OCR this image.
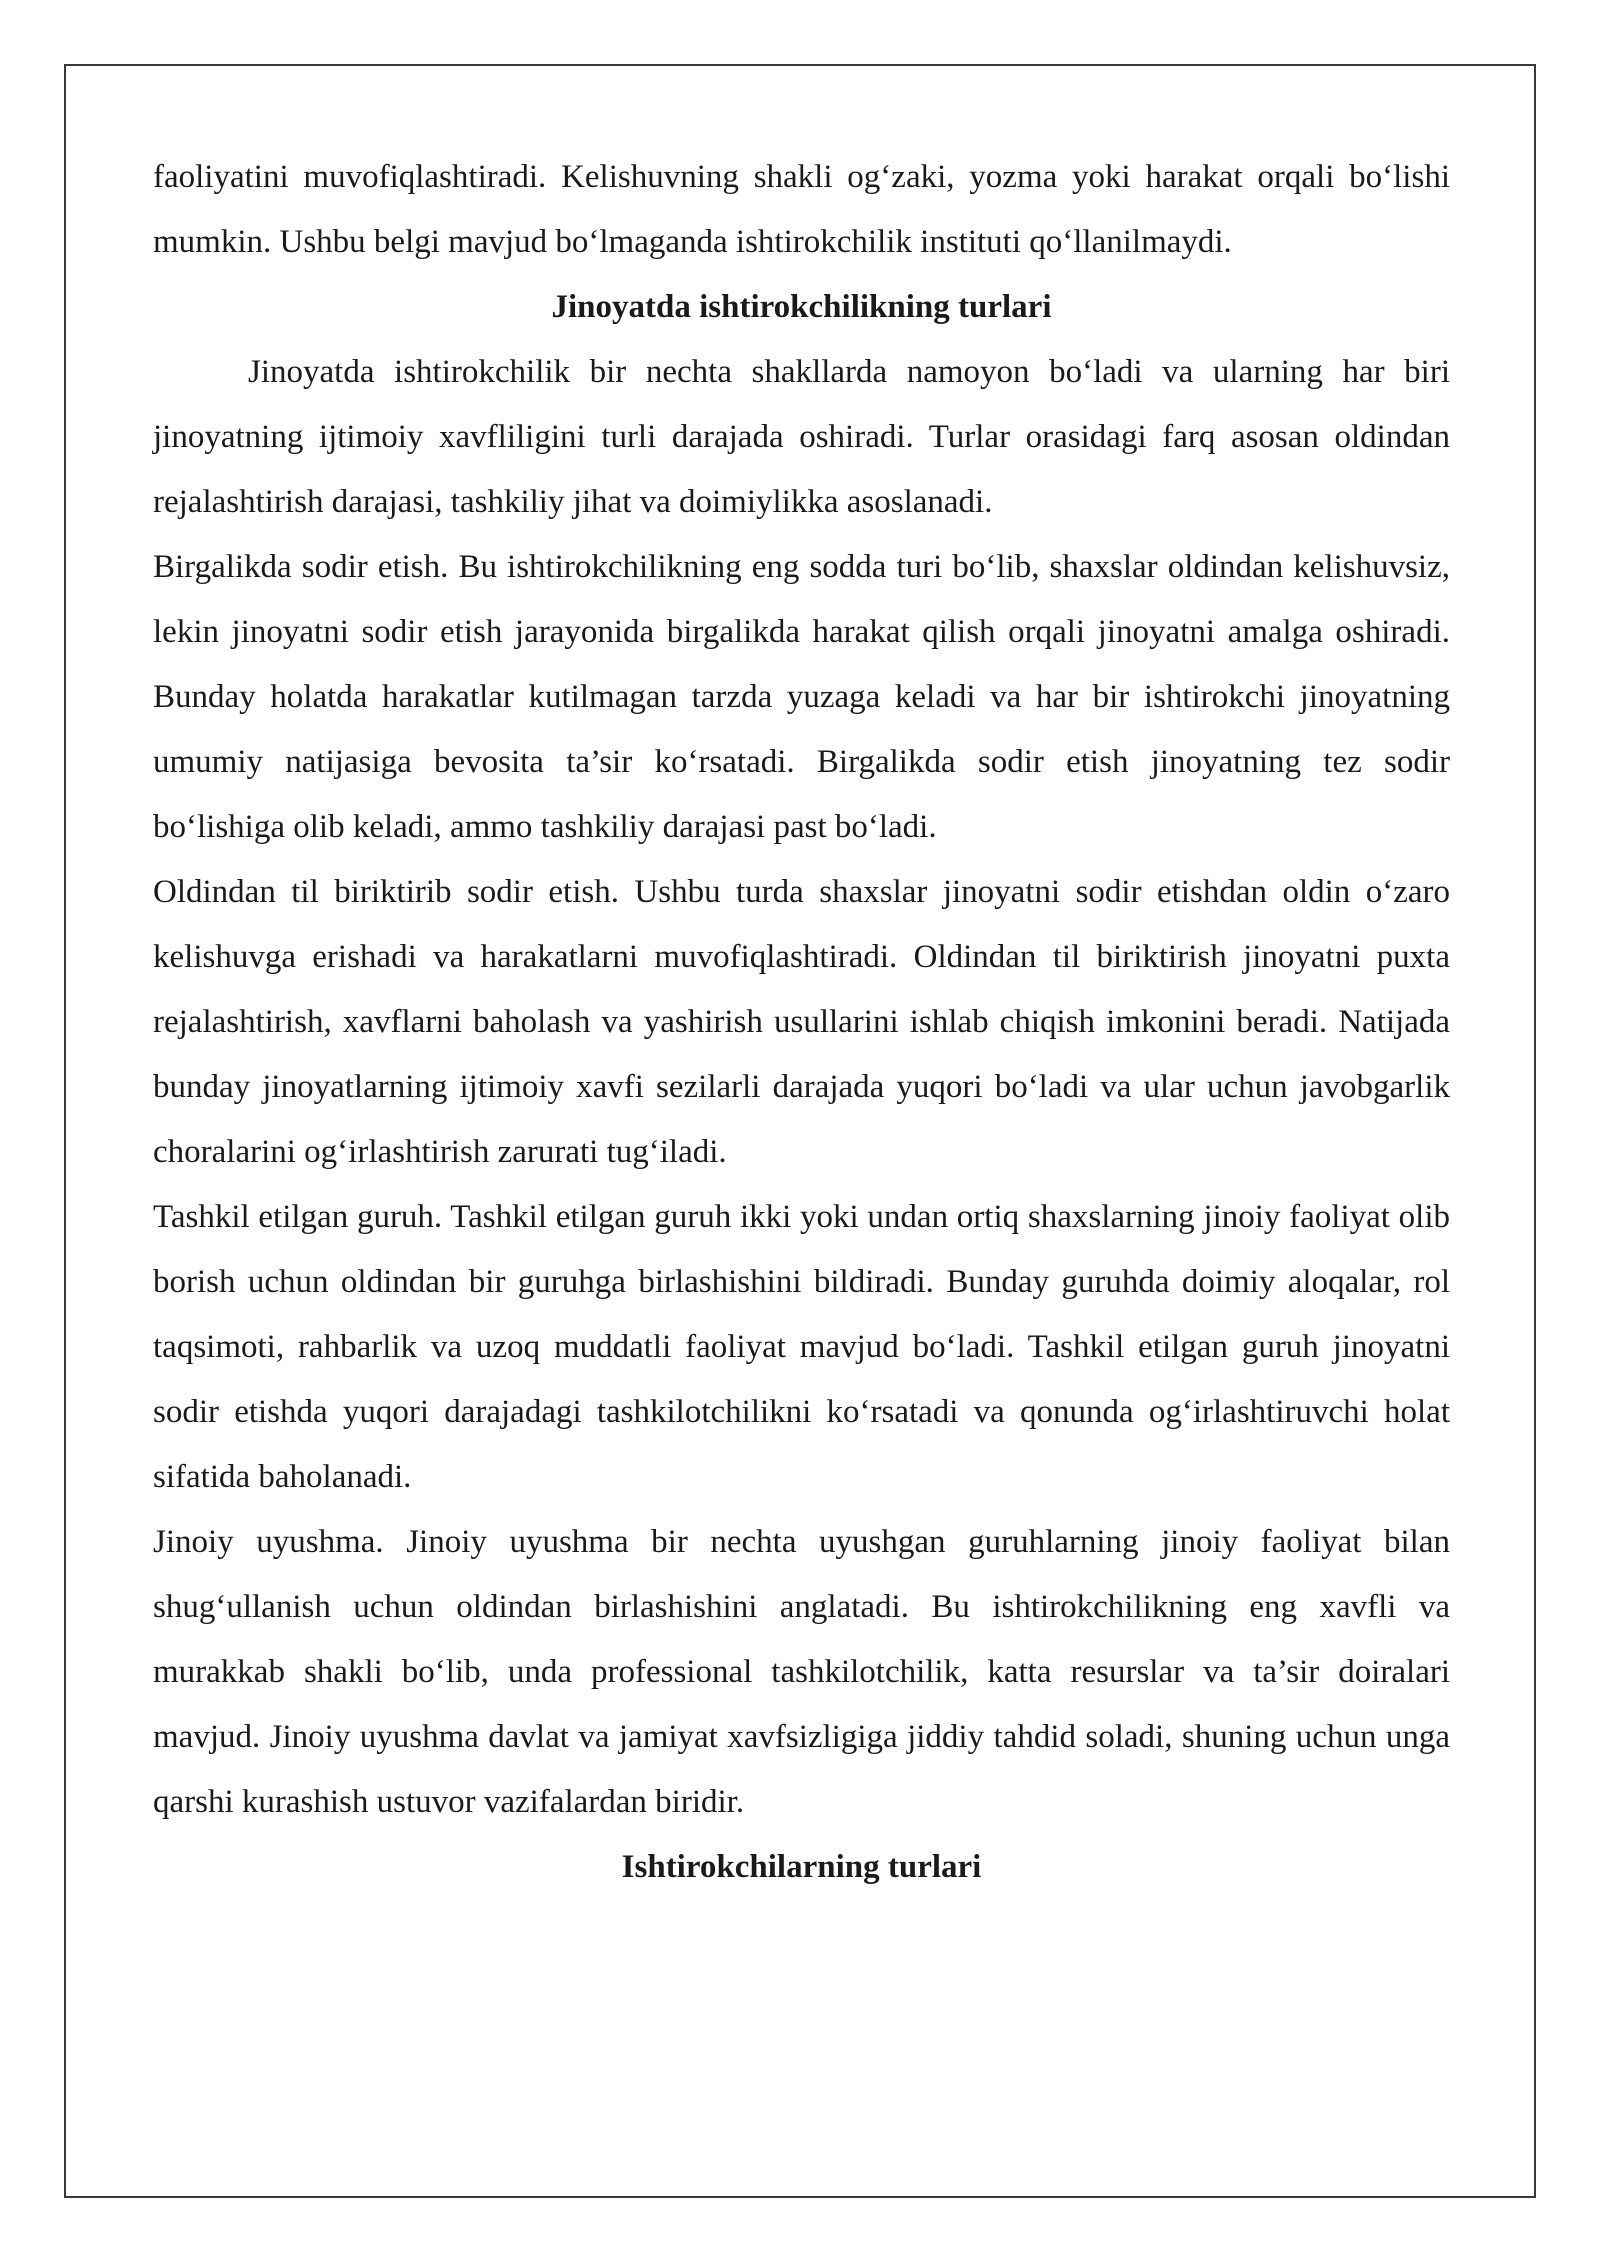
faoliyatini muvofiqlashtiradi. Kelishuvning shakli og‘zaki, yozma yoki harakat orqali bo‘lishi mumkin. Ushbu belgi mavjud bo‘lmaganda ishtirokchilik instituti qo‘llanilmaydi.

Jinoyatda ishtirokchilikning turlari

Jinoyatda ishtirokchilik bir nechta shakllarda namoyon bo‘ladi va ularning har biri jinoyatning ijtimoiy xavfliligini turli darajada oshiradi. Turlar orasidagi farq asosan oldindan rejalashtirish darajasi, tashkiliy jihat va doimiylikka asoslanadi.

Birgalikda sodir etish. Bu ishtirokchilikning eng sodda turi bo‘lib, shaxslar oldindan kelishuvsiz, lekin jinoyatni sodir etish jarayonida birgalikda harakat qilish orqali jinoyatni amalga oshiradi. Bunday holatda harakatlar kutilmagan tarzda yuzaga keladi va har bir ishtirokchi jinoyatning umumiy natijasiga bevosita ta’sir ko‘rsatadi. Birgalikda sodir etish jinoyatning tez sodir bo‘lishiga olib keladi, ammo tashkiliy darajasi past bo‘ladi.

Oldindan til biriktirib sodir etish. Ushbu turda shaxslar jinoyatni sodir etishdan oldin o‘zaro kelishuvga erishadi va harakatlarni muvofiqlashtiradi. Oldindan til biriktirish jinoyatni puxta rejalashtirish, xavflarni baholash va yashirish usullarini ishlab chiqish imkonini beradi. Natijada bunday jinoyatlarning ijtimoiy xavfi sezilarli darajada yuqori bo‘ladi va ular uchun javobgarlik choralarini og‘irlashtirish zarurati tug‘iladi.

Tashkil etilgan guruh. Tashkil etilgan guruh ikki yoki undan ortiq shaxslarning jinoiy faoliyat olib borish uchun oldindan bir guruhga birlashishini bildiradi. Bunday guruhda doimiy aloqalar, rol taqsimoti, rahbarlik va uzoq muddatli faoliyat mavjud bo‘ladi. Tashkil etilgan guruh jinoyatni sodir etishda yuqori darajadagi tashkilotchilikni ko‘rsatadi va qonunda og‘irlashtiruvchi holat sifatida baholanadi.

Jinoiy uyushma. Jinoiy uyushma bir nechta uyushgan guruhlarning jinoiy faoliyat bilan shug‘ullanish uchun oldindan birlashishini anglatadi. Bu ishtirokchilikning eng xavfli va murakkab shakli bo‘lib, unda professional tashkilotchilik, katta resurslar va ta’sir doiralari mavjud. Jinoiy uyushma davlat va jamiyat xavfsizligiga jiddiy tahdid soladi, shuning uchun unga qarshi kurashish ustuvor vazifalardan biridir.

Ishtirokchilarning turlari
